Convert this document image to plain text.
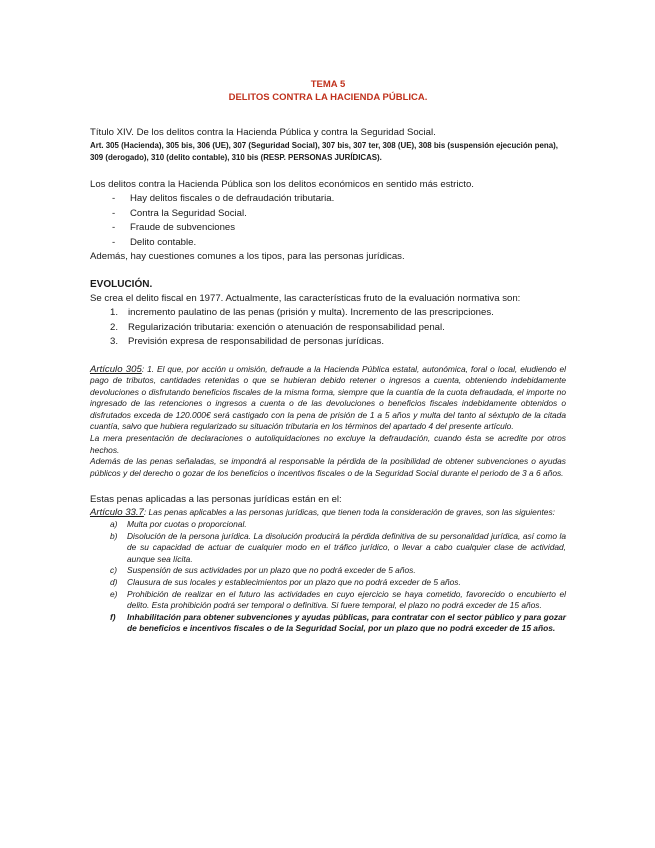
TEMA 5

DELITOS CONTRA LA HACIENDA PÚBLICA.

Título XIV. De los delitos contra la Hacienda Pública y contra la Seguridad Social.

Art. 305 (Hacienda), 305 bis, 306 (UE), 307 (Seguridad Social), 307 bis, 307 ter, 308 (UE), 308 bis (suspensión ejecución pena), 309 (derogado), 310 (delito contable), 310 bis (RESP. PERSONAS JURÍDICAS).

Los delitos contra la Hacienda Pública son los delitos económicos en sentido más estricto.

- Hay delitos fiscales o de defraudación tributaria.
- Contra la Seguridad Social.
- Fraude de subvenciones
- Delito contable.

Además, hay cuestiones comunes a los tipos, para las personas jurídicas.

EVOLUCIÓN.

Se crea el delito fiscal en 1977. Actualmente, las características fruto de la evaluación normativa son:

1. incremento paulatino de las penas (prisión y multa). Incremento de las prescripciones.
2. Regularización tributaria: exención o atenuación de responsabilidad penal.
3. Previsión expresa de responsabilidad de personas jurídicas.

Artículo 305: 1. El que, por acción u omisión, defraude a la Hacienda Pública estatal, autonómica, foral o local, eludiendo el pago de tributos, cantidades retenidas o que se hubieran debido retener o ingresos a cuenta, obteniendo indebidamente devoluciones o disfrutando beneficios fiscales de la misma forma, siempre que la cuantía de la cuota defraudada, el importe no ingresado de las retenciones o ingresos a cuenta o de las devoluciones o beneficios fiscales indebidamente obtenidos o disfrutados exceda de 120.000€ será castigado con la pena de prisión de 1 a 5 años y multa del tanto al séxtuplo de la citada cuantía, salvo que hubiera regularizado su situación tributaria en los términos del apartado 4 del presente artículo.

La mera presentación de declaraciones o autoliquidaciones no excluye la defraudación, cuando ésta se acredite por otros hechos.

Además de las penas señaladas, se impondrá al responsable la pérdida de la posibilidad de obtener subvenciones o ayudas públicos y del derecho o gozar de los beneficios o incentivos fiscales o de la Seguridad Social durante el periodo de 3 a 6 años.

Estas penas aplicadas a las personas jurídicas están en el:

Artículo 33.7: Las penas aplicables a las personas jurídicas, que tienen toda la consideración de graves, son las siguientes:

a) Multa por cuotas o proporcional.
b) Disolución de la persona jurídica. La disolución producirá la pérdida definitiva de su personalidad jurídica, así como la de su capacidad de actuar de cualquier modo en el tráfico jurídico, o llevar a cabo cualquier clase de actividad, aunque sea lícita.
c) Suspensión de sus actividades por un plazo que no podrá exceder de 5 años.
d) Clausura de sus locales y establecimientos por un plazo que no podrá exceder de 5 años.
e) Prohibición de realizar en el futuro las actividades en cuyo ejercicio se haya cometido, favorecido o encubierto el delito. Esta prohibición podrá ser temporal o definitiva. Si fuere temporal, el plazo no podrá exceder de 15 años.
f) Inhabilitación para obtener subvenciones y ayudas públicas, para contratar con el sector público y para gozar de beneficios e incentivos fiscales o de la Seguridad Social, por un plazo que no podrá exceder de 15 años.
